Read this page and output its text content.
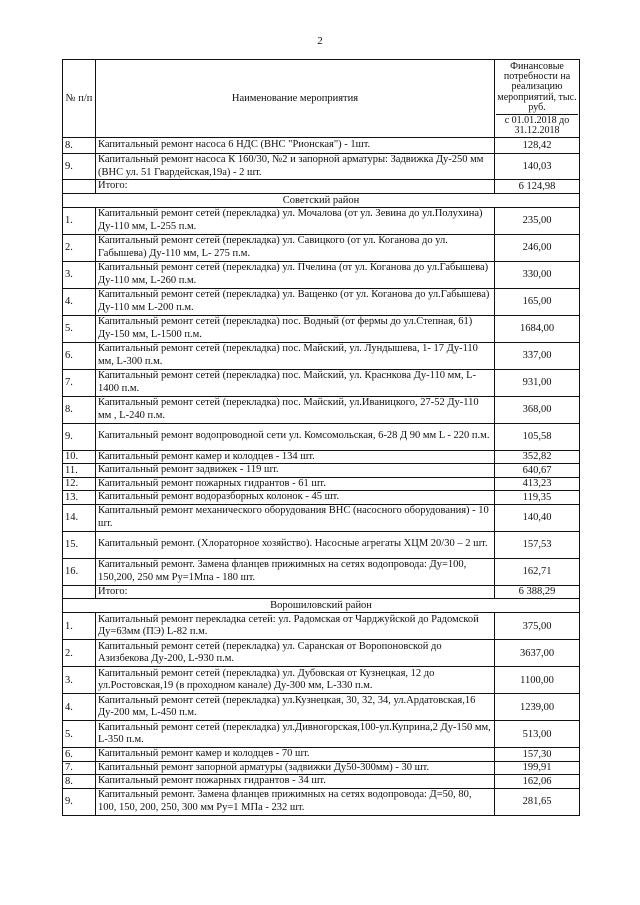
2
№ п/п	Наименование мероприятия	Финансовые потребности на реализацию мероприятий, тыс. руб.
с 01.01.2018 до 31.12.2018

8.	Капитальный ремонт насоса 6 НДС (ВНС "Рионская") - 1шт.	128,42
9.	Капитальный ремонт насоса К 160/30, №2 и запорной арматуры: Задвижка Ду-250 мм (ВНС ул. 51 Гвардейская,19а) - 2 шт.	140,03
	Итого:	6 124,98
Советский район		
1.	Капитальный ремонт сетей (перекладка) ул. Мочалова (от ул. Зевина до ул.Полухина) Ду-110 мм, L-255 п.м.	235,00
2.	Капитальный ремонт сетей (перекладка) ул. Савицкого (от ул. Коганова до ул. Габышева) Ду-110 мм, L- 275 п.м.	246,00
3.	Капитальный ремонт сетей (перекладка) ул. Пчелина (от ул. Коганова до ул.Габышева) Ду-110 мм, L-260 п.м.	330,00
4.	Капитальный ремонт сетей (перекладка) ул. Ващенко (от ул. Коганова до ул.Габышева) Ду-110 мм L-200 п.м.	165,00
5.	Капитальный ремонт сетей (перекладка) пос. Водный (от фермы до ул.Степная, 61) Ду-150 мм, L-1500 п.м.	1684,00
6.	Капитальный ремонт сетей (перекладка) пос. Майский, ул. Лундышева, 1- 17 Ду-110 мм, L-300 п.м.	337,00
7.	Капитальный ремонт сетей (перекладка) пос. Майский, ул. Краснкова Ду-110 мм, L-1400 п.м.	931,00
8.	Капитальный ремонт сетей (перекладка) пос. Майский, ул.Иваницкого, 27-52 Ду-110 мм , L-240 п.м.	368,00
9.	Капитальный ремонт водопроводной сети ул. Комсомольская, 6-28 Д 90 мм L - 220 п.м.	105,58
10.	Капитальный ремонт камер и колодцев - 134 шт.	352,82
11.	Капитальный ремонт задвижек - 119 шт.	640,67
12.	Капитальный ремонт пожарных гидрантов - 61 шт.	413,23
13.	Капитальный ремонт водоразборных колонок - 45 шт.	119,35
14.	Капитальный ремонт механического оборудования ВНС (насосного оборудования) - 10 шт.	140,40
15.	Капитальный ремонт. (Хлораторное хозяйство). Насосные агрегаты ХЦМ 20/30 – 2 шт.	157,53
16.	Капитальный ремонт. Замена фланцев прижимных на сетях водопровода: Ду=100, 150,200, 250 мм Ру=1Мпа - 180 шт.	162,71
	Итого:	6 388,29
Ворошиловский район		
1.	Капитальный ремонт перекладка сетей: ул. Радомская от Чарджуйской до Радомской Ду=63мм (ПЭ) L-82 п.м.	375,00
2.	Капитальный ремонт сетей (перекладка) ул. Саранская от Воропоновской до Азизбекова Ду-200, L-930 п.м.	3637,00
3.	Капитальный ремонт сетей (перекладка) ул. Дубовская от Кузнецкая, 12 до ул.Ростовская,19 (в проходном канале) Ду-300 мм, L-330 п.м.	1100,00
4.	Капитальный ремонт сетей (перекладка) ул.Кузнецкая, 30, 32, 34, ул.Ардатовская,16 Ду-200 мм, L-450 п.м.	1239,00
5.	Капитальный ремонт сетей (перекладка) ул.Дивногорская,100-ул.Куприна,2 Ду-150 мм, L-350 п.м.	513,00
6.	Капитальный ремонт камер и колодцев - 70 шт.	157,30
7.	Капитальный ремонт запорной арматуры (задвижки Ду50-300мм) - 30 шт.	199,91
8.	Капитальный ремонт пожарных гидрантов - 34 шт.	162,06
9.	Капитальный ремонт. Замена фланцев прижимных на сетях водопровода: Д=50, 80, 100, 150, 200, 250, 300 мм Ру=1 МПа - 232 шт.	281,65
